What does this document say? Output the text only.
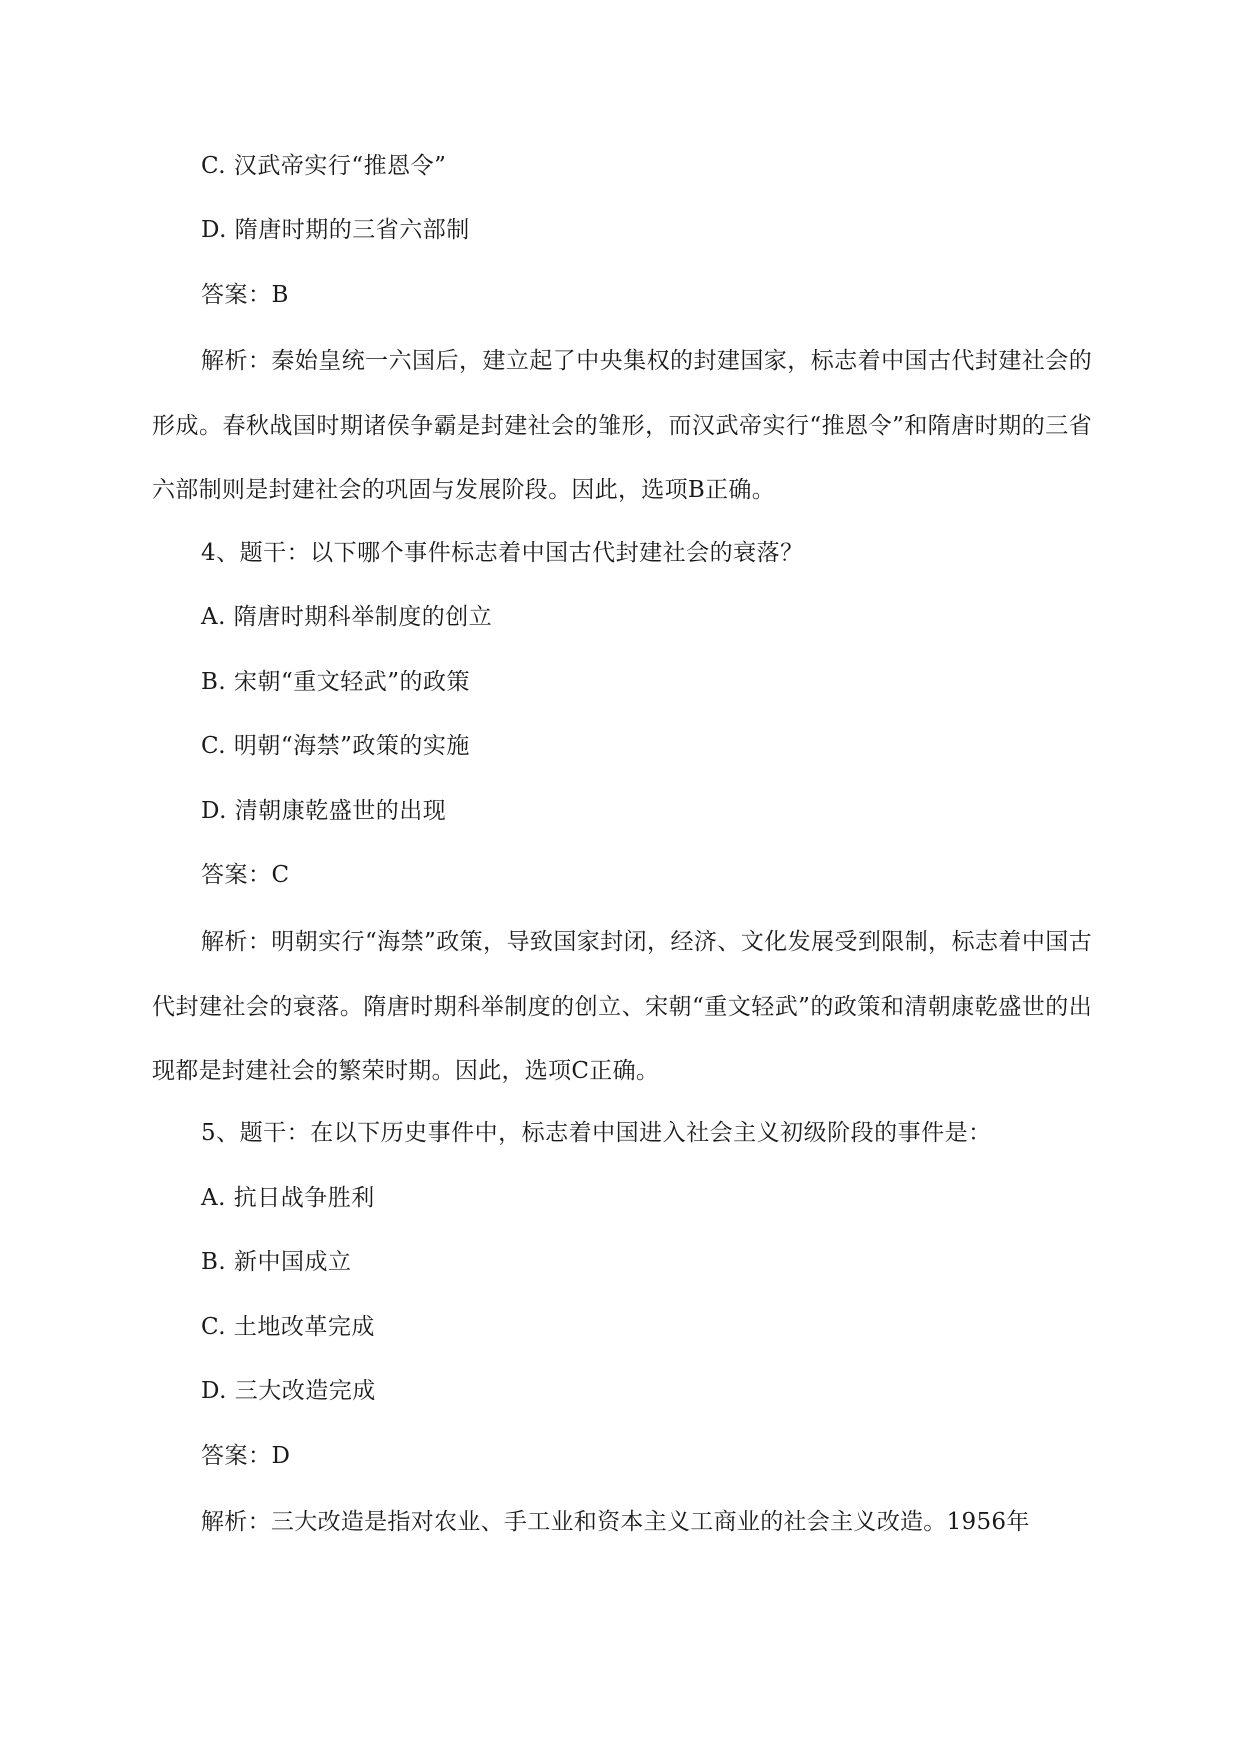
C. 汉武帝实行“推恩令”
D. 隋唐时期的三省六部制
答案：B
解析：秦始皇统一六国后，建立起了中央集权的封建国家，标志着中国古代封建社会的形成。春秋战国时期诸侯争霸是封建社会的雏形，而汉武帝实行“推恩令”和隋唐时期的三省六部制则是封建社会的巩固与发展阶段。因此，选项B正确。
4、题干：以下哪个事件标志着中国古代封建社会的衰落？
A. 隋唐时期科举制度的创立
B. 宋朝“重文轻武”的政策
C. 明朝“海禁”政策的实施
D. 清朝康乾盛世的出现
答案：C
解析：明朝实行“海禁”政策，导致国家封闭，经济、文化发展受到限制，标志着中国古代封建社会的衰落。隋唐时期科举制度的创立、宋朝“重文轻武”的政策和清朝康乾盛世的出现都是封建社会的繁荣时期。因此，选项C正确。
5、题干：在以下历史事件中，标志着中国进入社会主义初级阶段的事件是：
A. 抗日战争胜利
B. 新中国成立
C. 土地改革完成
D. 三大改造完成
答案：D
解析：三大改造是指对农业、手工业和资本主义工商业的社会主义改造。1956年
